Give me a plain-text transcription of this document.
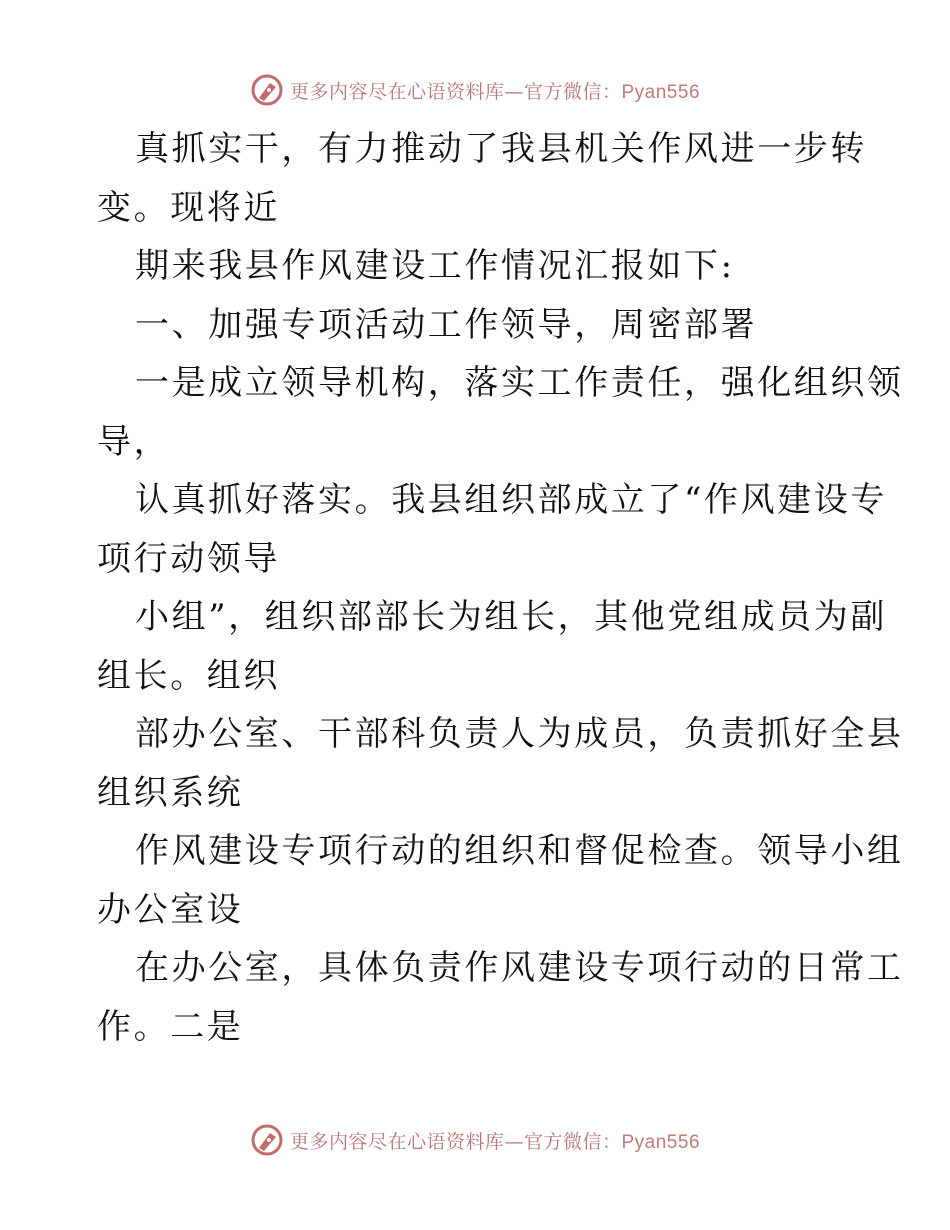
更多内容尽在心语资料库—官方微信：Pyan556
真抓实干，有力推动了我县机关作风进一步转
变。现将近
期来我县作风建设工作情况汇报如下:
一、加强专项活动工作领导，周密部署
一是成立领导机构，落实工作责任，强化组织领
导，
认真抓好落实。我县组织部成立了“作风建设专
项行动领导
小组”，组织部部长为组长，其他党组成员为副
组长。组织
部办公室、干部科负责人为成员，负责抓好全县
组织系统
作风建设专项行动的组织和督促检查。领导小组
办公室设
在办公室，具体负责作风建设专项行动的日常工
作。二是
更多内容尽在心语资料库—官方微信：Pyan556
